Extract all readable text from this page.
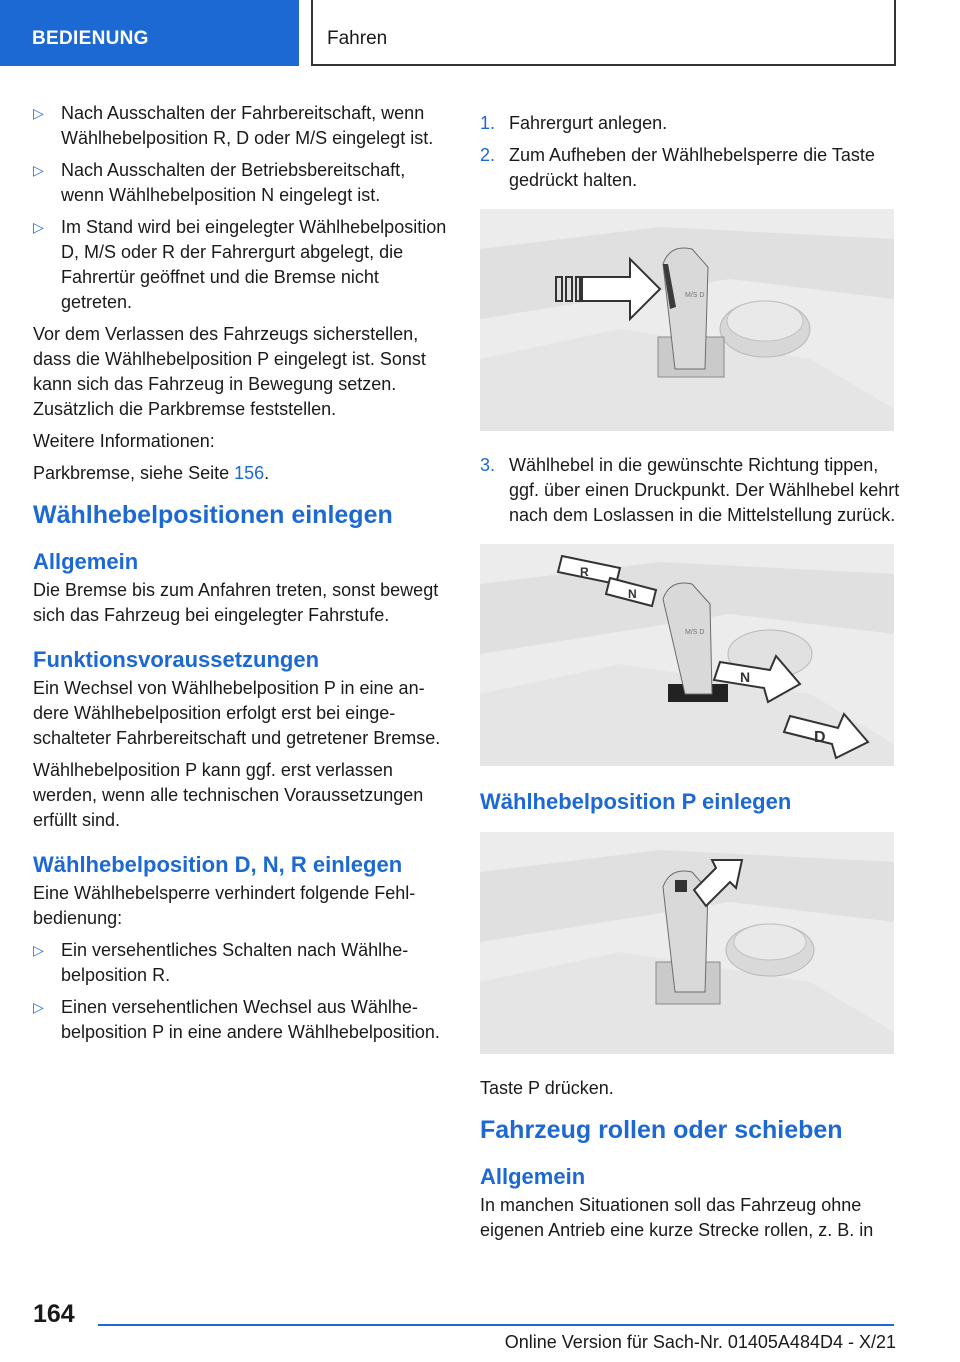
BEDIENUNG	Fahren
▷ Nach Ausschalten der Fahrbereitschaft, wenn Wählhebelposition R, D oder M/S eingelegt ist.
▷ Nach Ausschalten der Betriebsbereitschaft, wenn Wählhebelposition N eingelegt ist.
▷ Im Stand wird bei eingelegter Wählhebelposition D, M/S oder R der Fahrergurt abgelegt, die Fahrertür geöffnet und die Bremse nicht getreten.

Vor dem Verlassen des Fahrzeugs sicherstellen, dass die Wählhebelposition P eingelegt ist. Sonst kann sich das Fahrzeug in Bewegung setzen. Zusätzlich die Parkbremse feststellen.

Weitere Informationen:

Parkbremse, siehe Seite 156.

Wählhebelpositionen einlegen
Allgemein

Die Bremse bis zum Anfahren treten, sonst bewegt sich das Fahrzeug bei eingelegter Fahrstufe.

Funktionsvoraussetzungen

Ein Wechsel von Wählhebelposition P in eine andere Wählhebelposition erfolgt erst bei eingeschalteter Fahrbereitschaft und getretener Bremse.

Wählhebelposition P kann ggf. erst verlassen werden, wenn alle technischen Voraussetzungen erfüllt sind.

Wählhebelposition D, N, R einlegen

Eine Wählhebelsperre verhindert folgende Fehlbedienung:

▷ Ein versehentliches Schalten nach Wählhebelposition R.
▷ Einen versehentlichen Wechsel aus Wählhebelposition P in eine andere Wählhebelposition.
1. Fahrergurt anlegen.
2. Zum Aufheben der Wählhebelsperre die Taste gedrückt halten.
M/S D
3. Wählhebel in die gewünschte Richtung tippen, ggf. über einen Druckpunkt. Der Wählhebel kehrt nach dem Loslassen in die Mittelstellung zurück.
M/S D
R
N
N
D
Wählhebelposition P einlegen

Taste P drücken.

Fahrzeug rollen oder schieben
Allgemein

In manchen Situationen soll das Fahrzeug ohne eigenen Antrieb eine kurze Strecke rollen, z. B. in

164
Online Version für Sach-Nr. 01405A484D4 - X/21
